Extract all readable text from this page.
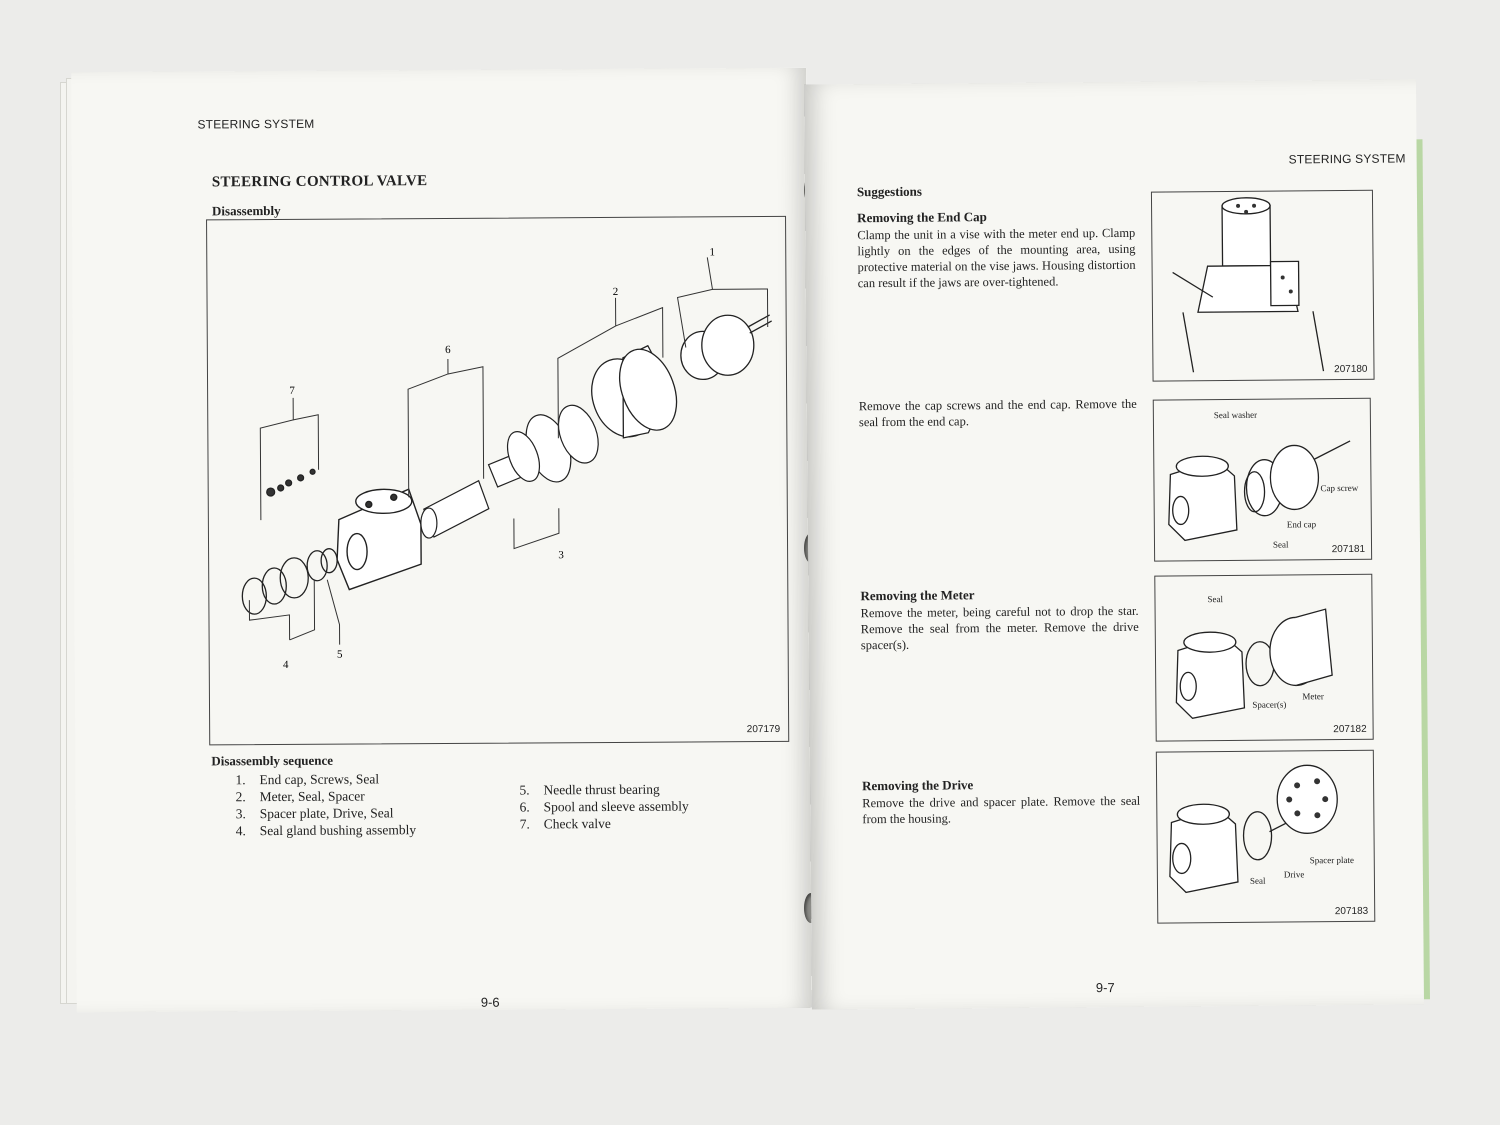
STEERING SYSTEM
STEERING CONTROL VALVE
Disassembly
1
2
3
4
5
6
7
207179
Disassembly sequence
1. End cap, Screws, Seal
2. Meter, Seal, Spacer
3. Spacer plate, Drive, Seal
4. Seal gland bushing assembly
5. Needle thrust bearing
6. Spool and sleeve assembly
7. Check valve
9-6
STEERING SYSTEM
Suggestions
Removing the End Cap
Clamp the unit in a vise with the meter end up. Clamp lightly on the edges of the mounting area, using protective material on the vise jaws. Housing distortion can result if the jaws are over-tightened.
207180
Remove the cap screws and the end cap. Remove the seal from the end cap.	Seal washer
Cap screw
End cap
Seal	207181
Removing the Meter
Remove the meter, being careful not to drop the star. Remove the seal from the meter. Remove the drive spacer(s).
Seal
Meter
Spacer(s)
207182
Removing the Drive
Remove the drive and spacer plate. Remove the seal from the housing.
Spacer plate
Seal
Drive
207183
9-7
